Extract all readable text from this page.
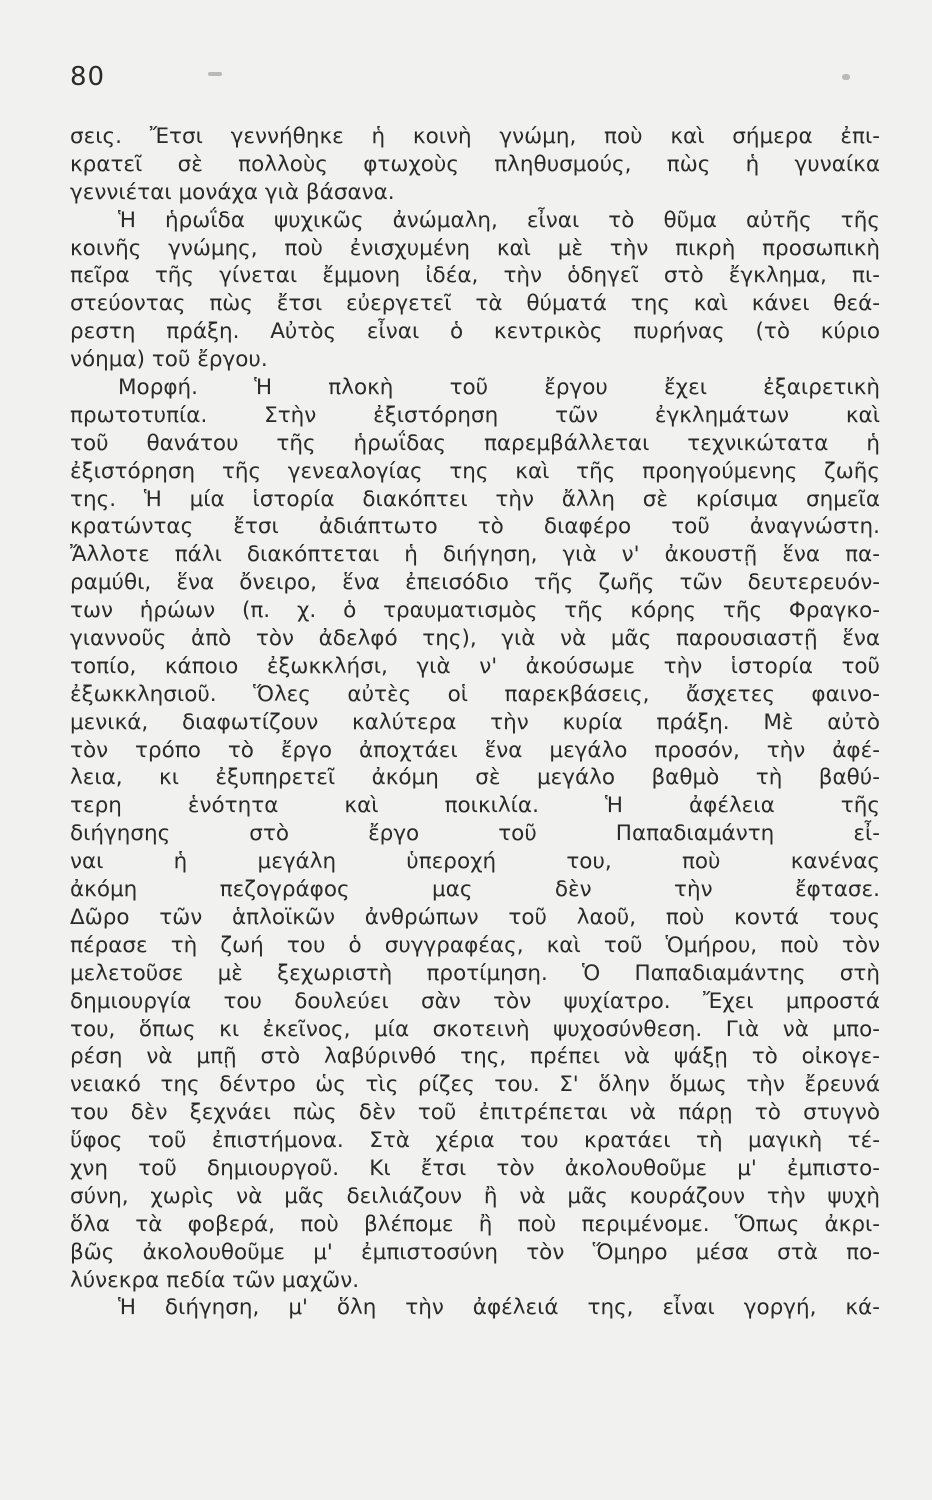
80
σεις. Ἔτσι γεννήθηκε ἡ κοινὴ γνώμη, ποὺ καὶ σήμερα ἐπι-
κρατεῖ σὲ πολλοὺς φτωχοὺς πληθυσμούς, πὼς ἡ γυναίκα
γεννιέται μονάχα γιὰ βάσανα.
Ἡ ἡρωΐδα ψυχικῶς ἀνώμαλη, εἶναι τὸ θῦμα αὐτῆς τῆς
κοινῆς γνώμης, ποὺ ἐνισχυμένη καὶ μὲ τὴν πικρὴ προσωπικὴ
πεῖρα τῆς γίνεται ἔμμονη ἰδέα, τὴν ὁδηγεῖ στὸ ἔγκλημα, πι-
στεύοντας πὼς ἔτσι εὐεργετεῖ τὰ θύματά της καὶ κάνει θεά-
ρεστη πράξη. Αὐτὸς εἶναι ὁ κεντρικὸς πυρήνας (τὸ κύριο
νόημα) τοῦ ἔργου.
Μορφή. Ἡ πλοκὴ τοῦ ἔργου ἔχει ἐξαιρετικὴ
πρωτοτυπία. Στὴν ἐξιστόρηση τῶν ἐγκλημάτων καὶ
τοῦ θανάτου τῆς ἡρωΐδας παρεμβάλλεται τεχνικώτατα ἡ
ἐξιστόρηση τῆς γενεαλογίας της καὶ τῆς προηγούμενης ζωῆς
της. Ἡ μία ἱστορία διακόπτει τὴν ἄλλη σὲ κρίσιμα σημεῖα
κρατώντας ἔτσι ἀδιάπτωτο τὸ διαφέρο τοῦ ἀναγνώστη.
Ἄλλοτε πάλι διακόπτεται ἡ διήγηση, γιὰ ν' ἀκουστῇ ἕνα πα-
ραμύθι, ἕνα ὄνειρο, ἕνα ἐπεισόδιο τῆς ζωῆς τῶν δευτερευόν-
των ἡρώων (π. χ. ὁ τραυματισμὸς τῆς κόρης τῆς Φραγκο-
γιαννοῦς ἀπὸ τὸν ἀδελφό της), γιὰ νὰ μᾶς παρουσιαστῇ ἕνα
τοπίο, κάποιο ἐξωκκλήσι, γιὰ ν' ἀκούσωμε τὴν ἱστορία τοῦ
ἐξωκκλησιοῦ. Ὅλες αὐτὲς οἱ παρεκβάσεις, ἄσχετες φαινο-
μενικά, διαφωτίζουν καλύτερα τὴν κυρία πράξη. Μὲ αὐτὸ
τὸν τρόπο τὸ ἔργο ἀποχτάει ἕνα μεγάλο προσόν, τὴν ἀφέ-
λεια, κι ἐξυπηρετεῖ ἀκόμη σὲ μεγάλο βαθμὸ τὴ βαθύ-
τερη ἑνότητα καὶ ποικιλία. Ἡ ἀφέλεια τῆς
διήγησης στὸ ἔργο τοῦ Παπαδιαμάντη εἶ-
ναι ἡ μεγάλη ὑπεροχή του, ποὺ κανένας
ἀκόμη πεζογράφος μας δὲν τὴν ἔφτασε.
Δῶρο τῶν ἁπλοϊκῶν ἀνθρώπων τοῦ λαοῦ, ποὺ κοντά τους
πέρασε τὴ ζωή του ὁ συγγραφέας, καὶ τοῦ Ὁμήρου, ποὺ τὸν
μελετοῦσε μὲ ξεχωριστὴ προτίμηση. Ὁ Παπαδιαμάντης στὴ
δημιουργία του δουλεύει σὰν τὸν ψυχίατρο. Ἔχει μπροστά
του, ὅπως κι ἐκεῖνος, μία σκοτεινὴ ψυχοσύνθεση. Γιὰ νὰ μπο-
ρέση νὰ μπῇ στὸ λαβύρινθό της, πρέπει νὰ ψάξῃ τὸ οἰκογε-
νειακό της δέντρο ὡς τὶς ρίζες του. Σ' ὅλην ὅμως τὴν ἔρευνά
του δὲν ξεχνάει πὼς δὲν τοῦ ἐπιτρέπεται νὰ πάρῃ τὸ στυγνὸ
ὕφος τοῦ ἐπιστήμονα. Στὰ χέρια του κρατάει τὴ μαγικὴ τέ-
χνη τοῦ δημιουργοῦ. Κι ἔτσι τὸν ἀκολουθοῦμε μ' ἐμπιστο-
σύνη, χωρὶς νὰ μᾶς δειλιάζουν ἢ νὰ μᾶς κουράζουν τὴν ψυχὴ
ὅλα τὰ φοβερά, ποὺ βλέπομε ἢ ποὺ περιμένομε. Ὅπως ἀκρι-
βῶς ἀκολουθοῦμε μ' ἐμπιστοσύνη τὸν Ὅμηρο μέσα στὰ πο-
λύνεκρα πεδία τῶν μαχῶν.
Ἡ διήγηση, μ' ὅλη τὴν ἀφέλειά της, εἶναι γοργή, κά-
